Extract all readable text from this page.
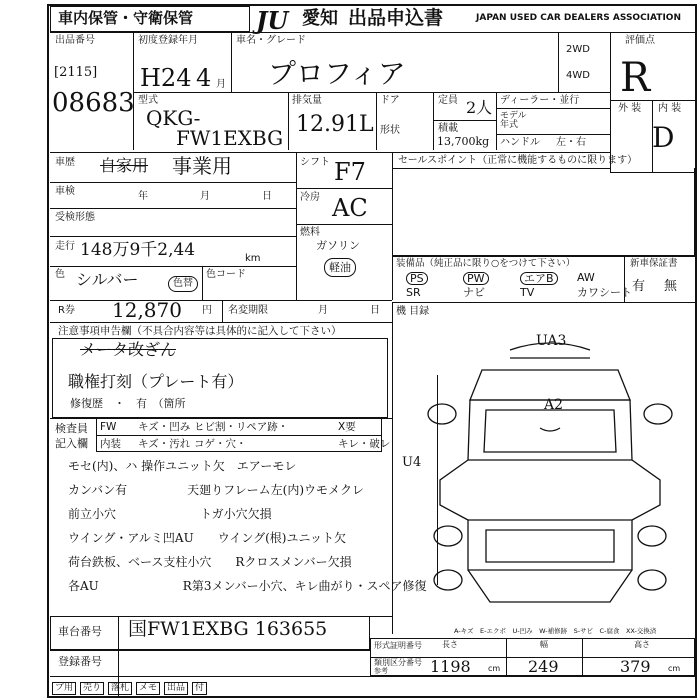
車内保管・守衛保管	JU 愛知 出品申込書	JAPAN USED CAR DEALERS ASSOCIATION
出品番号
[2115]
08683
初度登録年月
H24 4 月
車名・グレード
プロフィア
2WD
4WD
評価点
R
型式
QKG-
FW1EXBG
排気量
12.91L
ドア
形状
定員 2人
積載
13,700kg
ディーラー・並行
モデル
年式
ハンドル 左・右
外 装 内 装
D
車歴 自家用 事業用
車検	年	月	日
受検形態
走行 148万9千2,44	km
色 シルバー	色替
色コード
シフト F7
冷房 AC
燃料
ガソリン
軽油
セールスポイント（正常に機能するものに限ります）
装備品（純正品に限り○をつけて下さい）	新車保証書
有 無
PS	PW	エアB	AW
SR	ナビ	TV	カワシート
R券 12,870 円 名変期限	月	日 機 目録
注意事項申告欄（不具合内容等は具体的に記入して下さい）
メータ改ざん
職権打刻（プレート有）
修復歴　・　有　（箇所
検査員
記入欄
FW キズ・凹み ヒビ割・リペア跡・	X要
内装 キズ・汚れ コゲ・穴・	キレ・破レ
モセ(内)、ハ 操作ユニット欠　エアーモレ
カンバン有　　　　　天廻りフレーム左(内)ウモメクレ
前立小穴　　　　　　　トガ小穴欠損
ウイング・アルミ凹AU　　ウイング(根)ユニット欠
荷台鉄板、ベース支柱小穴　　Rクロスメンバー欠損
各AU　　　　　　　R第3メンバー小穴、キレ曲がり・スペア修復
UA3
A2
U4
車台番号 国FW1EXBG 163655
登録番号
A-キズ　E-エクボ　U-凹み　W-補修跡　S-サビ　C-腐食　XX-交換済
形式証明番号
類別区分番号
参考
長さ	幅	高さ
1198 cm 249	379 cm
プ用	売り	落札	メモ	出品	付
